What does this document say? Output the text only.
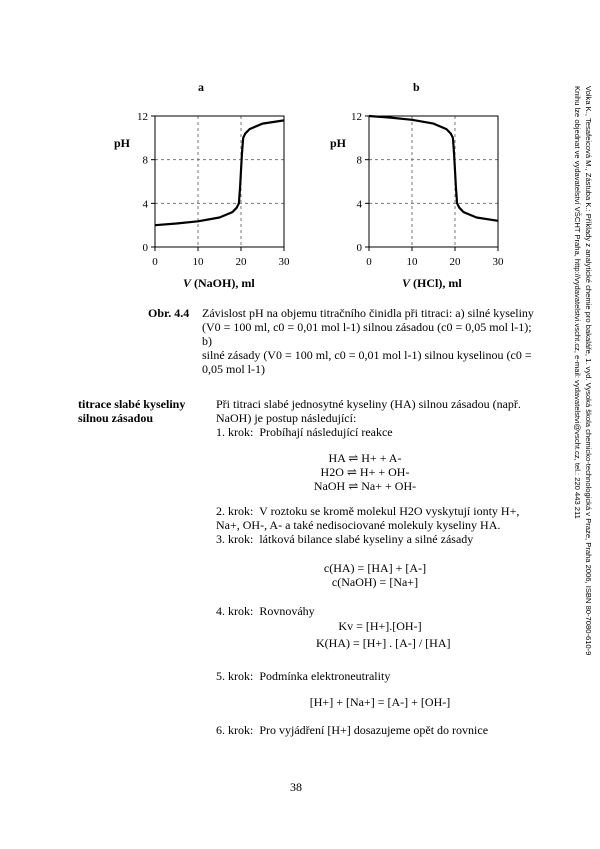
Volka K., Tesafeicová M., Zástuba K.: Příklady z analytické chemie pro bakaláře, 1. vyd. Vysoká škola chemicko-technologická v Praze, Praha 2006, ISBN 80-7080-610-9
Knihu lze objednat ve vydavatelství VŠCHT Praha, http://vydavatelstvi.vscht.cz, e-mail: vydavatelstvi@vscht.cz, tel.: 220 443 211
a	b
12
8
4
0
0	10	20	30
12
8
4
0
0	10	20	30
pH
V (NaOH), ml
pH
V (HCl), ml
Obr. 4.4 Závislost pH na objemu titračního činidla při titraci: a) silné kyseliny
(V0 = 100 ml, c0 = 0,01 mol l-1) silnou zásadou (c0 = 0,05 mol l-1); b)
silné zásady (V0 = 100 ml, c0 = 0,01 mol l-1) silnou kyselinou (c0 =
0,05 mol l-1)
titrace slabé kyseliny
silnou zásadou
Při titraci slabé jednosytné kyseliny (HA) silnou zásadou (např.
NaOH) je postup následující:
1. krok: Probíhají následující reakce
HA ⇌ H+ + A-
H2O ⇌ H+ + OH-
NaOH ⇌ Na+ + OH-
2. krok: V roztoku se kromě molekul H2O vyskytují ionty H+,
Na+, OH-, A- a také nedisociované molekuly kyseliny HA.
3. krok: látková bilance slabé kyseliny a silné zásady
c(HA) = [HA] + [A-]
c(NaOH) = [Na+]
4. krok: Rovnováhy
Kv = [H+].[OH-]
K(HA) = [H+] . [A-] / [HA]
5. krok: Podmínka elektroneutrality
[H+] + [Na+] = [A-] + [OH-]
6. krok: Pro vyjádření [H+] dosazujeme opět do rovnice
38
